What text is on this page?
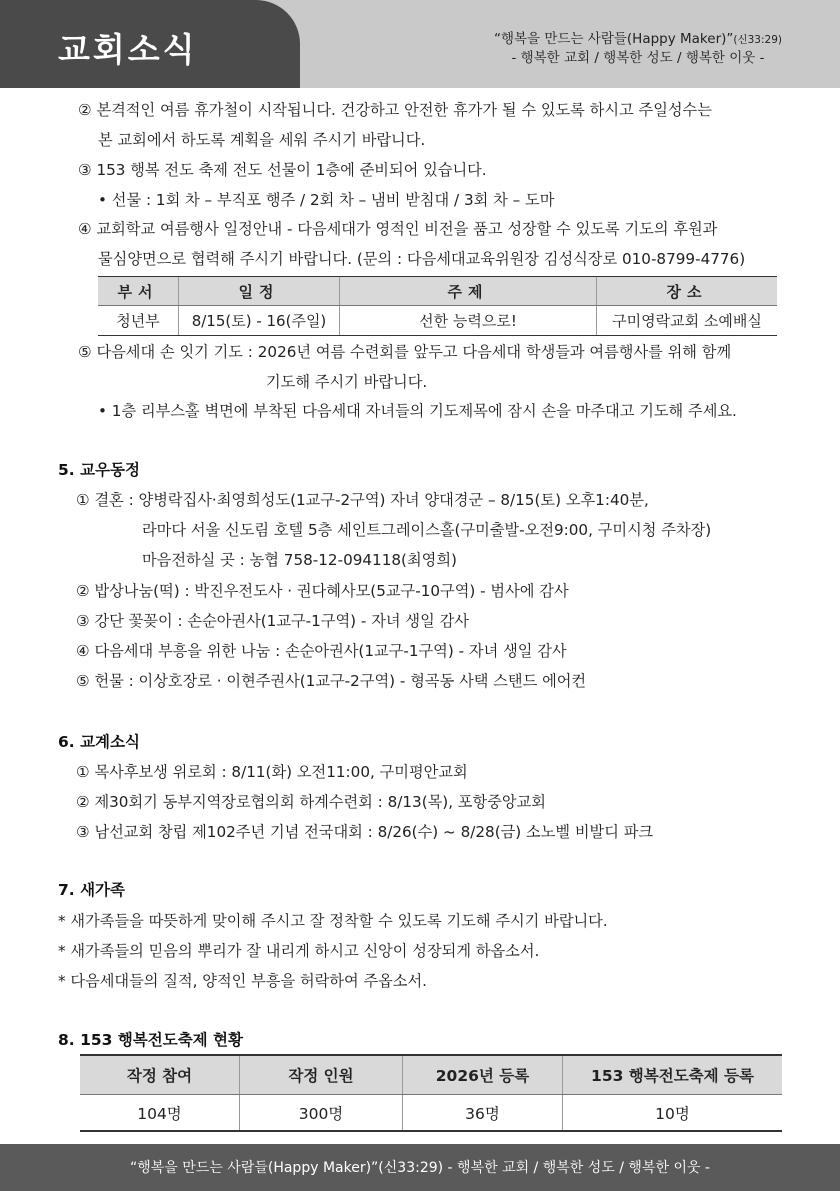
교회소식	“행복을 만드는 사람들(Happy Maker)”(신33:29)
- 행복한 교회 / 행복한 성도 / 행복한 이웃 -
② 본격적인 여름 휴가철이 시작됩니다. 건강하고 안전한 휴가가 될 수 있도록 하시고 주일성수는
본 교회에서 하도록 계획을 세워 주시기 바랍니다.
③ 153 행복 전도 축제 전도 선물이 1층에 준비되어 있습니다.
• 선물 : 1회 차 – 부직포 행주 / 2회 차 – 냄비 받침대 / 3회 차 – 도마
④ 교회학교 여름행사 일정안내 - 다음세대가 영적인 비전을 품고 성장할 수 있도록 기도의 후원과
물심양면으로 협력해 주시기 바랍니다. (문의 : 다음세대교육위원장 김성식장로 010-8799-4776)
부서	일정	주제	장소
청년부	8/15(토) - 16(주일)	선한 능력으로!	구미영락교회 소예배실
⑤ 다음세대 손 잇기 기도 : 2026년 여름 수련회를 앞두고 다음세대 학생들과 여름행사를 위해 함께
기도해 주시기 바랍니다.
• 1층 리부스홀 벽면에 부착된 다음세대 자녀들의 기도제목에 잠시 손을 마주대고 기도해 주세요.
5. 교우동정
① 결혼 : 양병락집사·최영희성도(1교구-2구역) 자녀 양대경군 – 8/15(토) 오후1:40분,
라마다 서울 신도림 호텔 5층 세인트그레이스홀(구미출발-오전9:00, 구미시청 주차장)
마음전하실 곳 : 농협 758-12-094118(최영희)
② 밥상나눔(떡) : 박진우전도사 · 권다혜사모(5교구-10구역) - 범사에 감사
③ 강단 꽃꽂이 : 손순아권사(1교구-1구역) - 자녀 생일 감사
④ 다음세대 부흥을 위한 나눔 : 손순아권사(1교구-1구역) - 자녀 생일 감사
⑤ 헌물 : 이상호장로 · 이현주권사(1교구-2구역) - 형곡동 사택 스탠드 에어컨
6. 교계소식
① 목사후보생 위로회 : 8/11(화) 오전11:00, 구미평안교회
② 제30회기 동부지역장로협의회 하계수련회 : 8/13(목), 포항중앙교회
③ 남선교회 창립 제102주년 기념 전국대회 : 8/26(수) ~ 8/28(금) 소노벨 비발디 파크
7. 새가족
* 새가족들을 따뜻하게 맞이해 주시고 잘 정착할 수 있도록 기도해 주시기 바랍니다.
* 새가족들의 믿음의 뿌리가 잘 내리게 하시고 신앙이 성장되게 하옵소서.
* 다음세대들의 질적, 양적인 부흥을 허락하여 주옵소서.
8. 153 행복전도축제 현황
작정 참여	작정 인원	2026년 등록	153 행복전도축제 등록
104명	300명	36명	10명
“행복을 만드는 사람들(Happy Maker)”(신33:29) - 행복한 교회 / 행복한 성도 / 행복한 이웃 -
